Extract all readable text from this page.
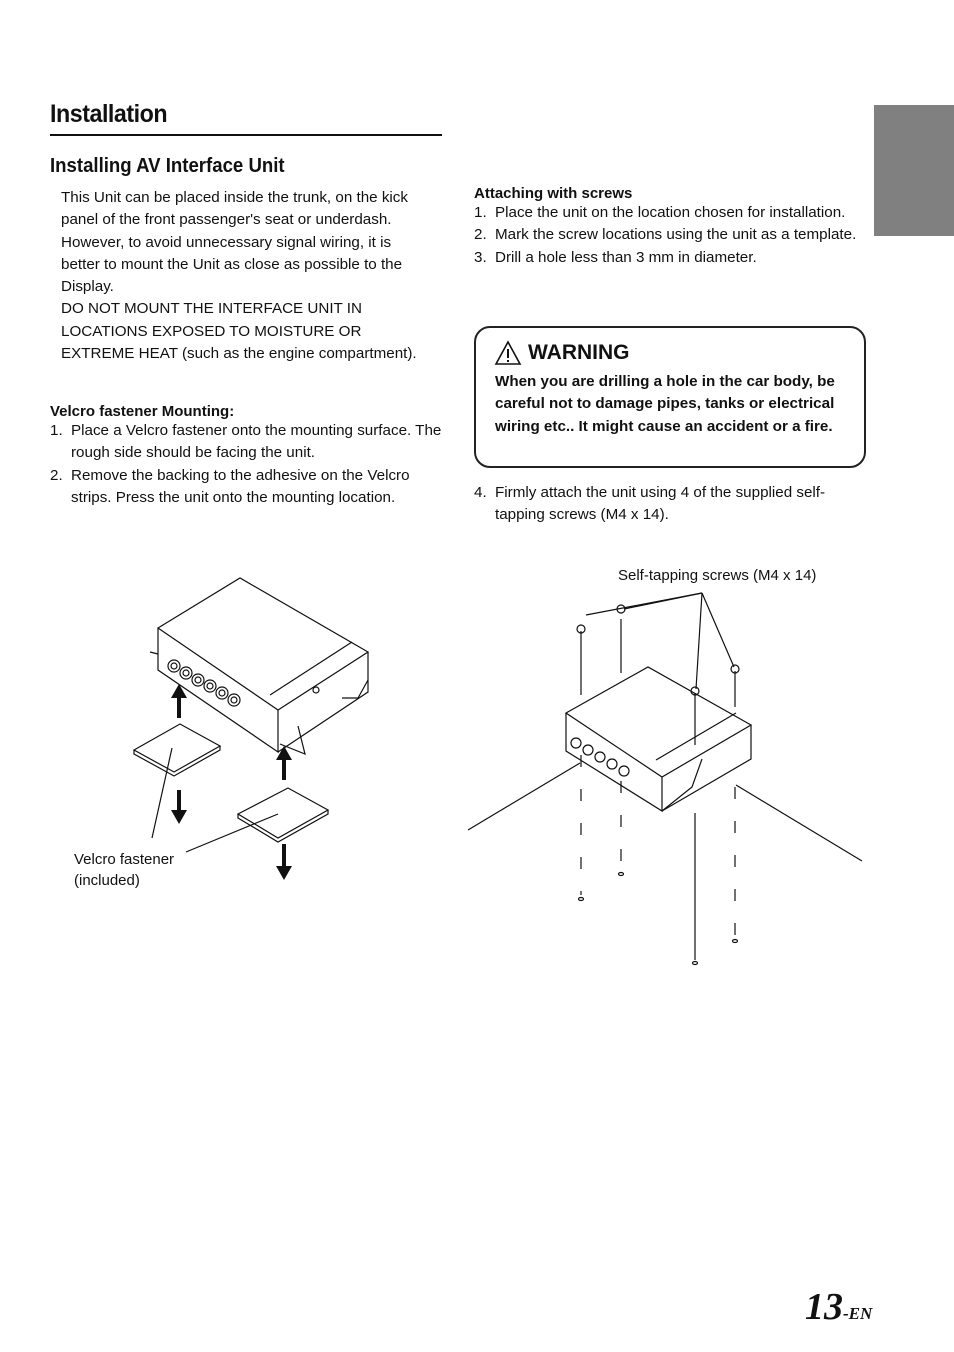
Installation
Installing AV Interface Unit

This Unit can be placed inside the trunk, on the kick panel of the front passenger's seat or underdash. However, to avoid unnecessary signal wiring, it is better to mount the Unit as close as possible to the Display.

DO NOT MOUNT THE INTERFACE UNIT IN LOCATIONS EXPOSED TO MOISTURE OR EXTREME HEAT (such as the engine compartment).

Velcro fastener Mounting:
1. Place a Velcro fastener onto the mounting surface. The rough side should be facing the unit.
2. Remove the backing to the adhesive on the Velcro strips. Press the unit onto the mounting location.
Attaching with screws
1. Place the unit on the location chosen for installation.
2. Mark the screw locations using the unit as a template.
3. Drill a hole less than 3 mm in diameter.
WARNING
When you are drilling a hole in the car body, be careful not to damage pipes, tanks or electrical wiring etc.. It might cause an accident or a fire.
4. Firmly attach the unit using 4 of the supplied self-tapping screws (M4 x 14).
Velcro fastener
(included)
Self-tapping screws (M4 x 14)
13-EN
